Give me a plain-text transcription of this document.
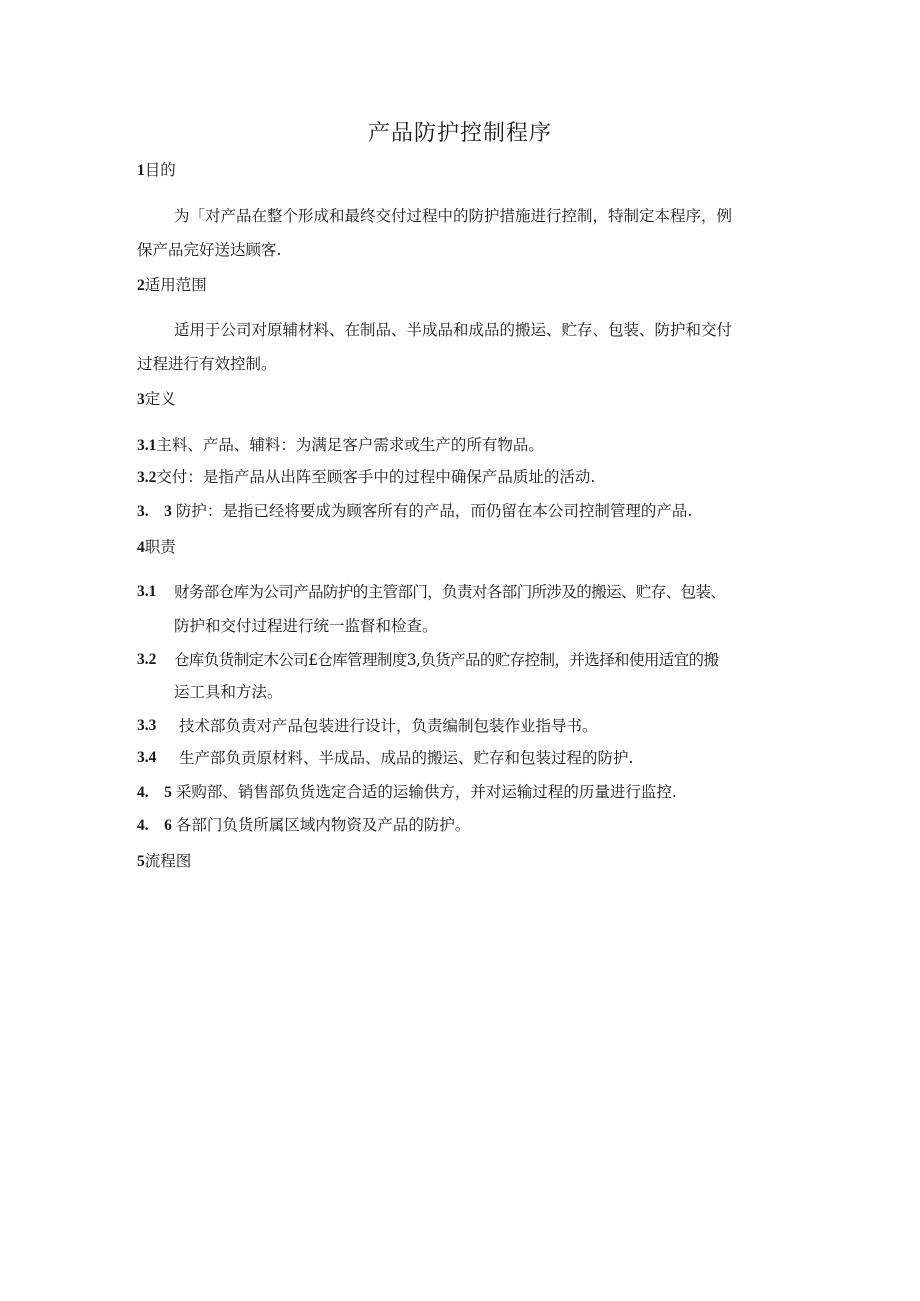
产品防护控制程序
1目的
为「对产品在整个形成和最终交付过程中的防护措施进行控制，特制定本程序，例
保产品完好送达顾客.
2适用范围
适用于公司对原辅材料、在制品、半成品和成品的搬运、贮存、包装、防护和交付
过程进行有效控制。
3定义
3.1主料、产品、辅料：为满足客户需求或生产的所有物品。
3.2交付：是指产品从出阵至顾客手中的过程中确保产品质址的活动.
3.　3 防护：是指已经将要成为顾客所有的产品，而仍留在本公司控制管理的产品.
4职责
3.1 财务部仓库为公司产品防护的主管部门，负责对各部门所涉及的搬运、贮存、包装、
防护和交付过程进行统一监督和检查。
3.2 仓库负货制定木公司£仓库管理制度3,负货产品的贮存控制，并选择和使用适宜的搬
运工具和方法。
3.3 技术部负责对产品包装进行设计，负责编制包装作业指导书。
3.4 生产部负贡原材料、半成品、成品的搬运、贮存和包装过程的防护.
4.　5 采购部、销售部负货选定合适的运输供方，并对运输过程的历量进行监控.
4.　6 各部门负货所属区域内物资及产品的防护。
5流程图
